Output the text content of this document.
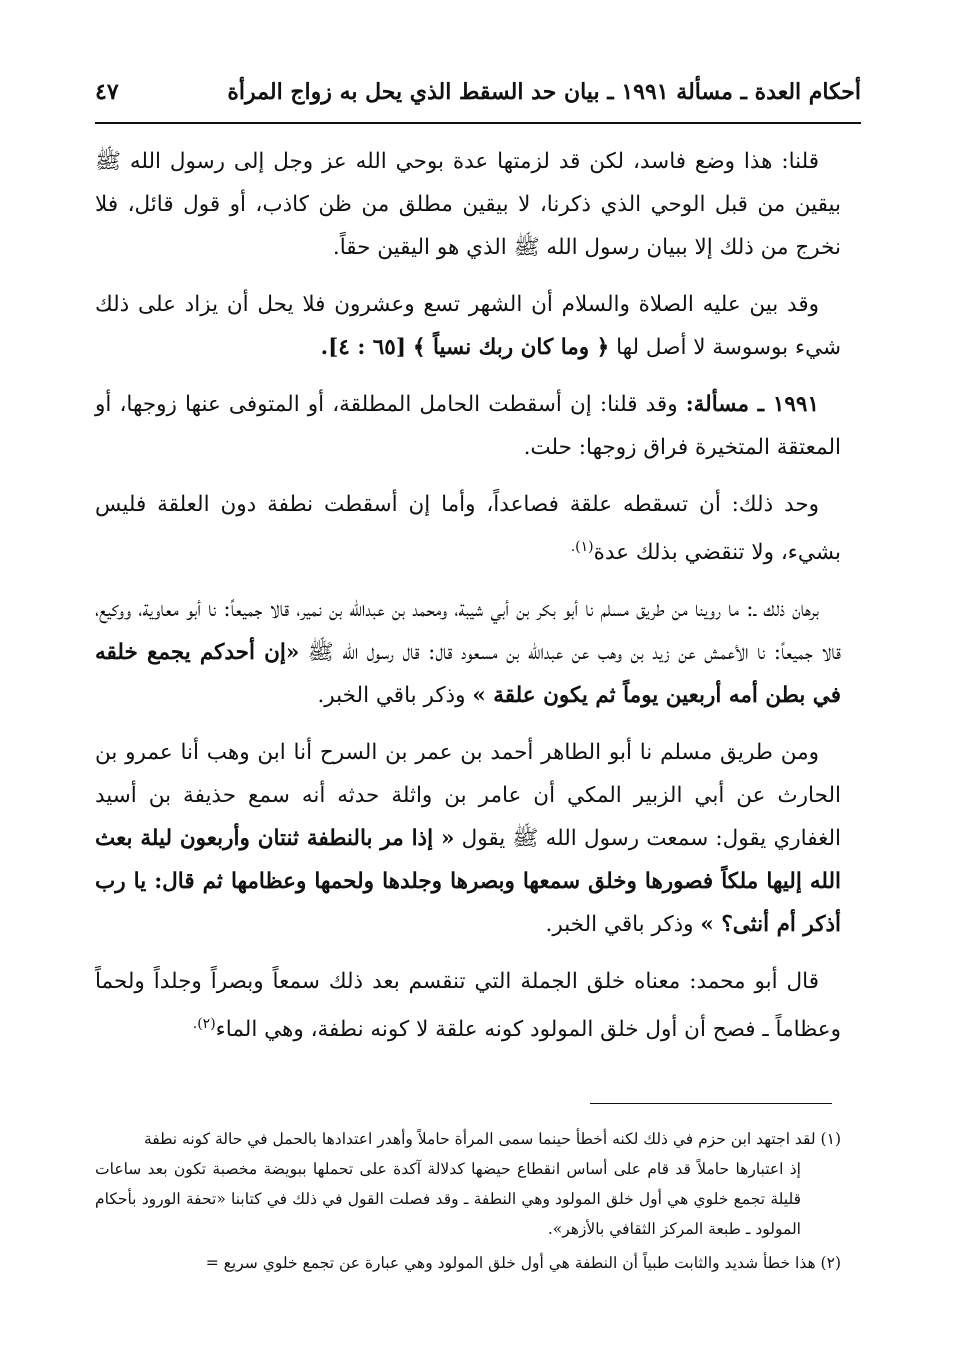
أحكام العدة ـ مسألة ١٩٩١ ـ بيان حد السقط الذي يحل به زواج المرأة
٤٧

قلنا: هذا وضع فاسد، لكن قد لزمتها عدة بوحي الله عز وجل إلى رسول الله ﷺ بيقين من قبل الوحي الذي ذكرنا، لا بيقين مطلق من ظن كاذب، أو قول قائل، فلا نخرج من ذلك إلا ببيان رسول الله ﷺ الذي هو اليقين حقاً.

وقد بين عليه الصلاة والسلام أن الشهر تسع وعشرون فلا يحل أن يزاد على ذلك شيء بوسوسة لا أصل لها ﴿ وما كان ربك نسياً ﴾ [٦٥ : ٤].

١٩٩١ ـ مسألة: وقد قلنا: إن أسقطت الحامل المطلقة، أو المتوفى عنها زوجها، أو المعتقة المتخيرة فراق زوجها: حلت.

وحد ذلك: أن تسقطه علقة فصاعداً، وأما إن أسقطت نطفة دون العلقة فليس بشيء، ولا تنقضي بذلك عدة$^{(١).}$

برهان ذلك ـ: ما روينا من طريق مسلم نا أبو بكر بن أبي شيبة، ومحمد بن عبدالله بن نمير، قالا جميعاً: نا أبو معاوية، ووكيع، قالا جميعاً: نا الأعمش عن زيد بن وهب عن عبدالله بن مسعود قال: قال رسول الله ﷺ «إن أحدكم يجمع خلقه في بطن أمه أربعين يوماً ثم يكون علقة » وذكر باقي الخبر.

ومن طريق مسلم نا أبو الطاهر أحمد بن عمر بن السرح أنا ابن وهب أنا عمرو بن الحارث عن أبي الزبير المكي أن عامر بن واثلة حدثه أنه سمع حذيفة بن أسيد الغفاري يقول: سمعت رسول الله ﷺ يقول « إذا مر بالنطفة ثنتان وأربعون ليلة بعث الله إليها ملكاً فصورها وخلق سمعها وبصرها وجلدها ولحمها وعظامها ثم قال: يا رب أذكر أم أنثى؟ » وذكر باقي الخبر.

قال أبو محمد: معناه خلق الجملة التي تنقسم بعد ذلك سمعاً وبصراً وجلداً ولحماً وعظاماً ـ فصح أن أول خلق المولود كونه علقة لا كونه نطفة، وهي الماء$^{(٢).}$

(١) لقد اجتهد ابن حزم في ذلك لكنه أخطأ حينما سمى المرأة حاملاً وأهدر اعتدادها بالحمل في حالة كونه نطفة

إذ اعتبارها حاملاً قد قام على أساس انقطاع حيضها كدلالة آكدة على تحملها ببويضة مخصبة تكون بعد ساعات قليلة تجمع خلوي هي أول خلق المولود وهي النطفة ـ وقد فصلت القول في ذلك في كتابنا «تحفة الورود بأحكام المولود ـ طبعة المركز الثقافي بالأزهر».

(٢) هذا خطأ شديد والثابت طبياً أن النطفة هي أول خلق المولود وهي عبارة عن تجمع خلوي سريع =
